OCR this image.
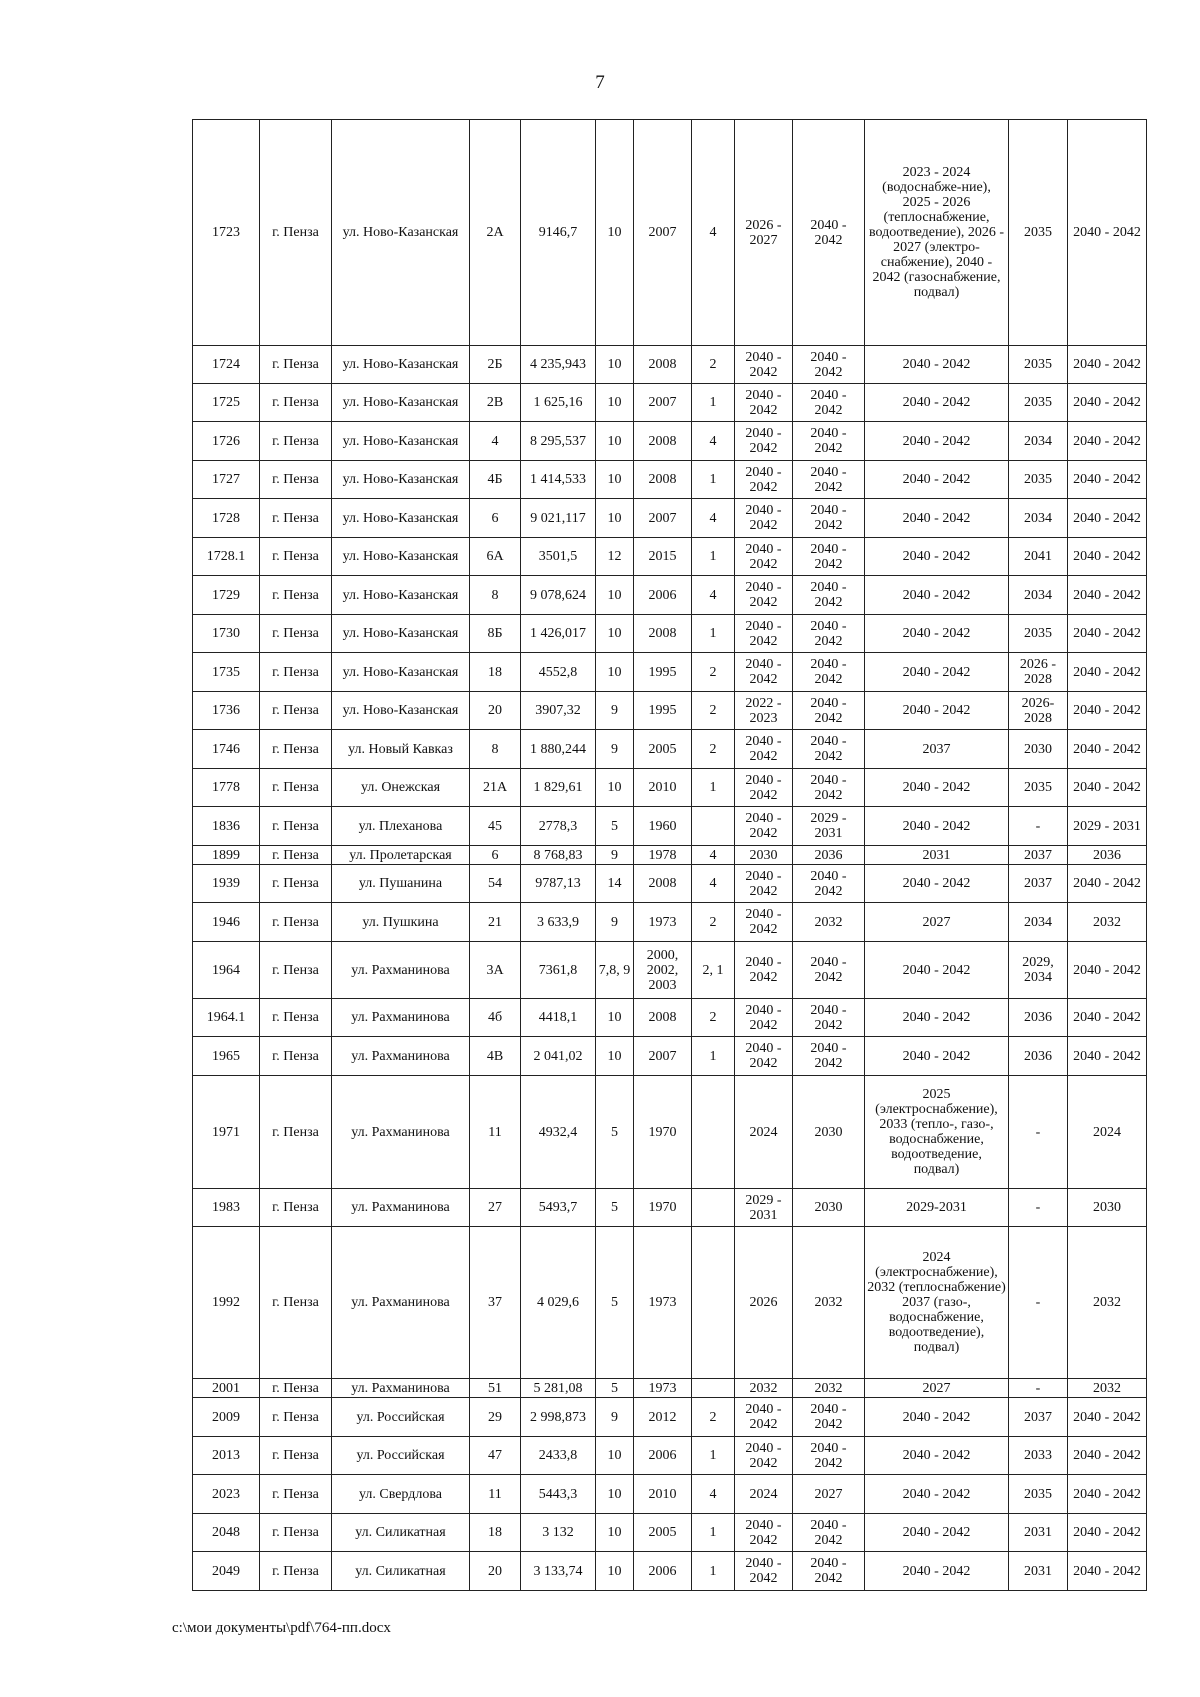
7
1723	г. Пенза	ул. Ново-Казанская	2А	9146,7	10	2007	4	2026 - 2027	2040 - 2042	2023 - 2024 (водоснабже-ние), 2025 - 2026 (теплоснабжение, водоотведение), 2026 - 2027 (электро-снабжение), 2040 - 2042 (газоснабжение, подвал)	2035	2040 - 2042
1724	г. Пенза	ул. Ново-Казанская	2Б	4 235,943	10	2008	2	2040 - 2042	2040 - 2042	2040 - 2042	2035	2040 - 2042
1725	г. Пенза	ул. Ново-Казанская	2В	1 625,16	10	2007	1	2040 - 2042	2040 - 2042	2040 - 2042	2035	2040 - 2042
1726	г. Пенза	ул. Ново-Казанская	4	8 295,537	10	2008	4	2040 - 2042	2040 - 2042	2040 - 2042	2034	2040 - 2042
1727	г. Пенза	ул. Ново-Казанская	4Б	1 414,533	10	2008	1	2040 - 2042	2040 - 2042	2040 - 2042	2035	2040 - 2042
1728	г. Пенза	ул. Ново-Казанская	6	9 021,117	10	2007	4	2040 - 2042	2040 - 2042	2040 - 2042	2034	2040 - 2042
1728.1	г. Пенза	ул. Ново-Казанская	6А	3501,5	12	2015	1	2040 - 2042	2040 - 2042	2040 - 2042	2041	2040 - 2042
1729	г. Пенза	ул. Ново-Казанская	8	9 078,624	10	2006	4	2040 - 2042	2040 - 2042	2040 - 2042	2034	2040 - 2042
1730	г. Пенза	ул. Ново-Казанская	8Б	1 426,017	10	2008	1	2040 - 2042	2040 - 2042	2040 - 2042	2035	2040 - 2042
1735	г. Пенза	ул. Ново-Казанская	18	4552,8	10	1995	2	2040 - 2042	2040 - 2042	2040 - 2042	2026 - 2028	2040 - 2042
1736	г. Пенза	ул. Ново-Казанская	20	3907,32	9	1995	2	2022 - 2023	2040 - 2042	2040 - 2042	2026-2028	2040 - 2042
1746	г. Пенза	ул. Новый Кавказ	8	1 880,244	9	2005	2	2040 - 2042	2040 - 2042	2037	2030	2040 - 2042
1778	г. Пенза	ул. Онежская	21А	1 829,61	10	2010	1	2040 - 2042	2040 - 2042	2040 - 2042	2035	2040 - 2042
1836	г. Пенза	ул. Плеханова	45	2778,3	5	1960		2040 - 2042	2029 - 2031	2040 - 2042	-	2029 - 2031
1899	г. Пенза	ул. Пролетарская	6	8 768,83	9	1978	4	2030	2036	2031	2037	2036
1939	г. Пенза	ул. Пушанина	54	9787,13	14	2008	4	2040 - 2042	2040 - 2042	2040 - 2042	2037	2040 - 2042
1946	г. Пенза	ул. Пушкина	21	3 633,9	9	1973	2	2040 - 2042	2032	2027	2034	2032
1964	г. Пенза	ул. Рахманинова	3А	7361,8	7,8, 9	2000, 2002, 2003	2, 1	2040 - 2042	2040 - 2042	2040 - 2042	2029, 2034	2040 - 2042
1964.1	г. Пенза	ул. Рахманинова	4б	4418,1	10	2008	2	2040 - 2042	2040 - 2042	2040 - 2042	2036	2040 - 2042
1965	г. Пенза	ул. Рахманинова	4В	2 041,02	10	2007	1	2040 - 2042	2040 - 2042	2040 - 2042	2036	2040 - 2042
1971	г. Пенза	ул. Рахманинова	11	4932,4	5	1970		2024	2030	2025 (электроснабжение), 2033 (тепло-, газо-, водоснабжение, водоотведение, подвал)	-	2024
1983	г. Пенза	ул. Рахманинова	27	5493,7	5	1970		2029 - 2031	2030	2029-2031	-	2030
1992	г. Пенза	ул. Рахманинова	37	4 029,6	5	1973		2026	2032	2024 (электроснабжение), 2032 (теплоснабжение) 2037 (газо-, водоснабжение, водоотведение), подвал)	-	2032
2001	г. Пенза	ул. Рахманинова	51	5 281,08	5	1973		2032	2032	2027	-	2032
2009	г. Пенза	ул. Российская	29	2 998,873	9	2012	2	2040 - 2042	2040 - 2042	2040 - 2042	2037	2040 - 2042
2013	г. Пенза	ул. Российская	47	2433,8	10	2006	1	2040 - 2042	2040 - 2042	2040 - 2042	2033	2040 - 2042
2023	г. Пенза	ул. Свердлова	11	5443,3	10	2010	4	2024	2027	2040 - 2042	2035	2040 - 2042
2048	г. Пенза	ул. Силикатная	18	3 132	10	2005	1	2040 - 2042	2040 - 2042	2040 - 2042	2031	2040 - 2042
2049	г. Пенза	ул. Силикатная	20	3 133,74	10	2006	1	2040 - 2042	2040 - 2042	2040 - 2042	2031	2040 - 2042
c:\мои документы\pdf\764-пп.docx
